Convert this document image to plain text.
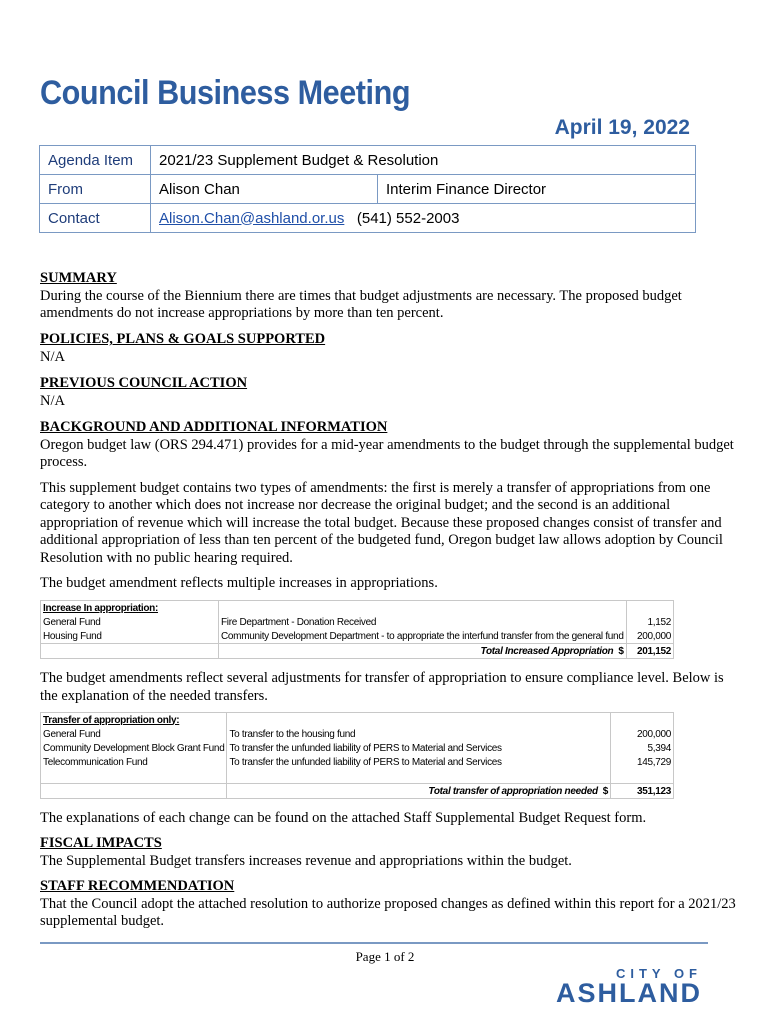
Council Business Meeting
April 19, 2022
Agenda Item	2021/23 Supplement Budget & Resolution	
From	Alison Chan	Interim Finance Director
Contact	Alison.Chan@ashland.or.us (541) 552-2003	
SUMMARY
During the course of the Biennium there are times that budget adjustments are necessary. The proposed budget amendments do not increase appropriations by more than ten percent.
POLICIES, PLANS & GOALS SUPPORTED
N/A
PREVIOUS COUNCIL ACTION
N/A
BACKGROUND AND ADDITIONAL INFORMATION
Oregon budget law (ORS 294.471) provides for a mid-year amendments to the budget through the supplemental budget process.
This supplement budget contains two types of amendments: the first is merely a transfer of appropriations from one category to another which does not increase nor decrease the original budget; and the second is an additional appropriation of revenue which will increase the total budget. Because these proposed changes consist of transfer and additional appropriation of less than ten percent of the budgeted fund, Oregon budget law allows adoption by Council Resolution with no public hearing required.
The budget amendment reflects multiple increases in appropriations.
Increase In appropriation:		
General Fund	Fire Department - Donation Received	1,152
Housing Fund	Community Development Department - to appropriate the interfund transfer from the general fund	200,000
	Total Increased Appropriation $	201,152
The budget amendments reflect several adjustments for transfer of appropriation to ensure compliance level. Below is the explanation of the needed transfers.
Transfer of appropriation only:		
General Fund	To transfer to the housing fund	200,000
Community Development Block Grant Fund	To transfer the unfunded liability of PERS to Material and Services	5,394
Telecommunication Fund	To transfer the unfunded liability of PERS to Material and Services	145,729

	Total transfer of appropriation needed $	351,123
The explanations of each change can be found on the attached Staff Supplemental Budget Request form.
FISCAL IMPACTS
The Supplemental Budget transfers increases revenue and appropriations within the budget.
STAFF RECOMMENDATION
That the Council adopt the attached resolution to authorize proposed changes as defined within this report for a 2021/23 supplemental budget.
Page 1 of 2
CITY OF
ASHLAND
